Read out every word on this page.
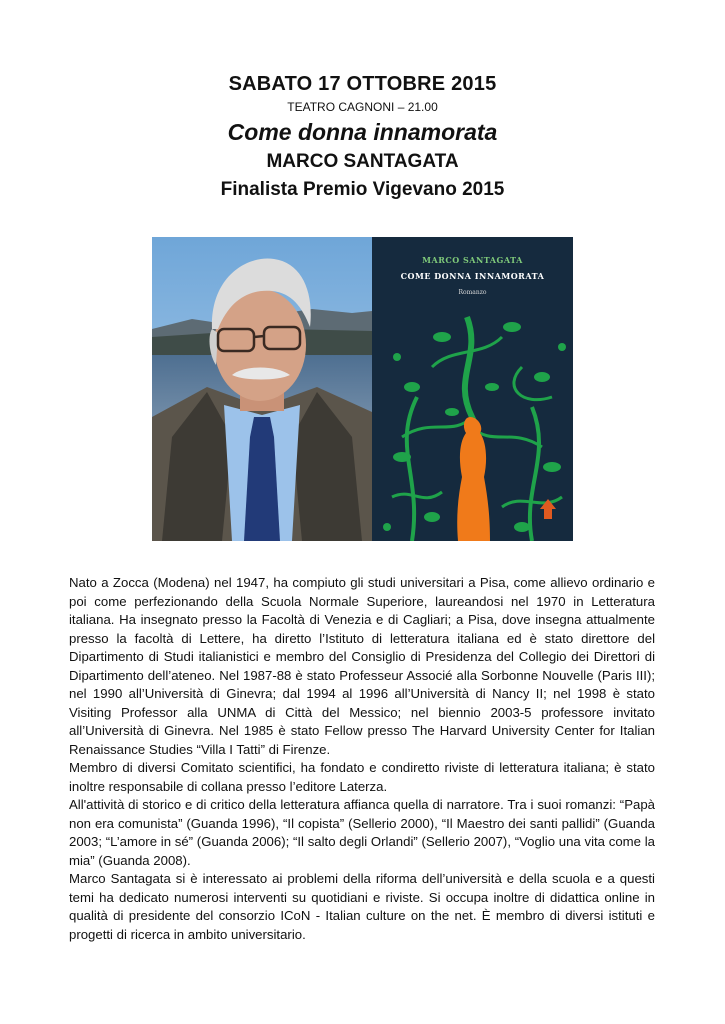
SABATO 17 OTTOBRE 2015

TEATRO CAGNONI – 21.00

Come donna innamorata

MARCO SANTAGATA

Finalista Premio Vigevano 2015

MARCO SANTAGATA
COME DONNA INNAMORATA
Romanzo

Nato a Zocca (Modena) nel 1947, ha compiuto gli studi universitari a Pisa, come allievo ordinario e poi come perfezionando della Scuola Normale Superiore, laureandosi nel 1970 in Letteratura italiana. Ha insegnato presso la Facoltà di Venezia e di Cagliari; a Pisa, dove insegna attualmente presso la facoltà di Lettere, ha diretto l’Istituto di letteratura italiana ed è stato direttore del Dipartimento di Studi italianistici e membro del Consiglio di Presidenza del Collegio dei Direttori di Dipartimento dell’ateneo. Nel 1987-88 è stato Professeur Associé alla Sorbonne Nouvelle (Paris III); nel 1990 all’Università di Ginevra; dal 1994 al 1996 all’Università di Nancy II; nel 1998 è stato Visiting Professor alla UNMA di Città del Messico; nel biennio 2003-5 professore invitato all’Università di Ginevra. Nel 1985 è stato Fellow presso The Harvard University Center for Italian Renaissance Studies “Villa I Tatti” di Firenze.

Membro di diversi Comitato scientifici, ha fondato e condiretto riviste di letteratura italiana; è stato inoltre responsabile di collana presso l’editore Laterza.

All'attività di storico e di critico della letteratura affianca quella di narratore. Tra i suoi romanzi: “Papà non era comunista” (Guanda 1996), “Il copista” (Sellerio 2000), “Il Maestro dei santi pallidi” (Guanda 2003; “L’amore in sé” (Guanda 2006); “Il salto degli Orlandi” (Sellerio 2007), “Voglio una vita come la mia” (Guanda 2008).

Marco Santagata si è interessato ai problemi della riforma dell’università e della scuola e a questi temi ha dedicato numerosi interventi su quotidiani e riviste. Si occupa inoltre di didattica online in qualità di presidente del consorzio ICoN - Italian culture on the net. È membro di diversi istituti e progetti di ricerca in ambito universitario.
